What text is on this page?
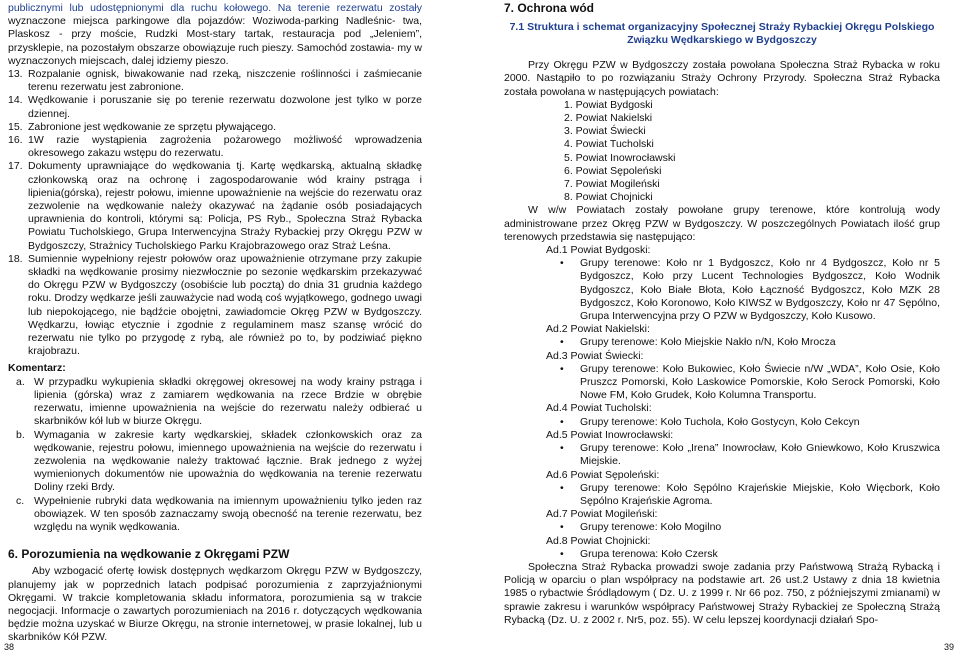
publicznymi lub udostępnionymi dla ruchu kołowego. Na terenie rezerwatu zostały wyznaczone miejsca parkingowe dla pojazdów: Woziwoda-parking Nadleśnic- twa, Plaskosz - przy moście, Rudzki Most-stary tartak, restauracja pod „Jeleniem”, przysklepie, na pozostałym obszarze obowiązuje ruch pieszy. Samochód zostawia- my w wyznaczonych miejscach, dalej idziemy pieszo.

13. Rozpalanie ognisk, biwakowanie nad rzeką, niszczenie roślinności i zaśmiecanie terenu rezerwatu jest zabronione.
14. Wędkowanie i poruszanie się po terenie rezerwatu dozwolone jest tylko w porze dziennej.
15. Zabronione jest wędkowanie ze sprzętu pływającego.
16. 1W razie wystąpienia zagrożenia pożarowego możliwość wprowadzenia okresowego zakazu wstępu do rezerwatu.
17. Dokumenty uprawniające do wędkowania tj. Kartę wędkarską, aktualną składkę członkowską oraz na ochronę i zagospodarowanie wód krainy pstrąga i lipienia(górska), rejestr połowu, imienne upoważnienie na wejście do rezerwatu oraz zezwolenie na wędkowanie należy okazywać na żądanie osób posiadających uprawnienia do kontroli, którymi są: Policja, PS Ryb., Społeczna Straż Rybacka Powiatu Tucholskiego, Grupa Interwencyjna Straży Rybackiej przy Okręgu PZW w Bydgoszczy, Strażnicy Tucholskiego Parku Krajobrazowego oraz Straż Leśna.
18. Sumiennie wypełniony rejestr połowów oraz upoważnienie otrzymane przy zakupie składki na wędkowanie prosimy niezwłocznie po sezonie wędkarskim przekazywać do Okręgu PZW w Bydgoszczy (osobiście lub pocztą) do dnia 31 grudnia każdego roku. Drodzy wędkarze jeśli zauważycie nad wodą coś wyjątkowego, godnego uwagi lub niepokojącego, nie bądźcie obojętni, zawiadomcie Okręg PZW w Bydgoszczy. Wędkarzu, łowiąc etycznie i zgodnie z regulaminem masz szansę wrócić do rezerwatu nie tylko po przygodę z rybą, ale również po to, by podziwiać piękno krajobrazu.
Komentarz:
a. W przypadku wykupienia składki okręgowej okresowej na wody krainy pstrąga i lipienia (górska) wraz z zamiarem wędkowania na rzece Brdzie w obrębie rezerwatu, imienne upoważnienia na wejście do rezerwatu należy odbierać u skarbników kół lub w biurze Okręgu.
b. Wymagania w zakresie karty wędkarskiej, składek członkowskich oraz za wędkowanie, rejestru połowu, imiennego upoważnienia na wejście do rezerwatu i zezwolenia na wędkowanie należy traktować łącznie. Brak jednego z wyżej wymienionych dokumentów nie upoważnia do wędkowania na terenie rezerwatu Doliny rzeki Brdy.
c. Wypełnienie rubryki data wędkowania na imiennym upoważnieniu tylko jeden raz obowiązek. W ten sposób zaznaczamy swoją obecność na terenie rezerwatu, bez względu na wynik wędkowania.
6. Porozumienia na wędkowanie z Okręgami PZW

Aby wzbogacić ofertę łowisk dostępnych wędkarzom Okręgu PZW w Bydgoszczy, planujemy jak w poprzednich latach podpisać porozumienia z zaprzyjaźnionymi Okręgami. W trakcie kompletowania składu informatora, porozumienia są w trakcie negocjacji. Informacje o zawartych porozumieniach na 2016 r. dotyczących wędkowania będzie można uzyskać w Biurze Okręgu, na stronie internetowej, w prasie lokalnej, lub u skarbników Kół PZW.

38
7. Ochrona wód
7.1 Struktura i schemat organizacyjny Społecznej Straży Rybackiej Okręgu Polskiego Związku Wędkarskiego w Bydgoszczy

Przy Okręgu PZW w Bydgoszczy została powołana Społeczna Straż Rybacka w roku 2000. Nastąpiło to po rozwiązaniu Straży Ochrony Przyrody. Społeczna Straż Rybacka została powołana w następujących powiatach:

1. Powiat Bydgoski
2. Powiat Nakielski
3. Powiat Świecki
4. Powiat Tucholski
5. Powiat Inowrocławski
6. Powiat Sępoleński
7. Powiat Mogileński
8. Powiat Chojnicki

W w/w Powiatach zostały powołane grupy terenowe, które kontrolują wody administrowane przez Okręg PZW w Bydgoszczy. W poszczególnych Powiatach ilość grup terenowych przedstawia się następująco:

Ad.1 Powiat Bydgoski:
•	Grupy terenowe: Koło nr 1 Bydgoszcz, Koło nr 4 Bydgoszcz, Koło nr 5 Bydgoszcz, Koło przy Lucent Technologies Bydgoszcz, Koło Wodnik Bydgoszcz, Koło Białe Błota, Koło Łączność Bydgoszcz, Koło MZK 28 Bydgoszcz, Koło Koronowo, Koło KIWSZ w Bydgoszczy, Koło nr 47 Sępólno, Grupa Interwencyjna przy O PZW w Bydgoszczy, Koło Kusowo.
Ad.2 Powiat Nakielski:
•	Grupy terenowe: Koło Miejskie Nakło n/N, Koło Mrocza
Ad.3 Powiat Świecki:
•	Grupy terenowe: Koło Bukowiec, Koło Świecie n/W „WDA”, Koło Osie, Koło Pruszcz Pomorski, Koło Laskowice Pomorskie, Koło Serock Pomorski, Koło Nowe FM, Koło Grudek, Koło Kolumna Transportu.
Ad.4 Powiat Tucholski:
•	Grupy terenowe: Koło Tuchola, Koło Gostycyn, Koło Cekcyn
Ad.5 Powiat Inowrocławski:
•	Grupy terenowe: Koło „Irena” Inowrocław, Koło Gniewkowo, Koło Kruszwica Miejskie.
Ad.6 Powiat Sępoleński:
•	Grupy terenowe: Koło Sępólno Krajeńskie Miejskie, Koło Więcbork, Koło Sępólno Krajeńskie Agroma.
Ad.7 Powiat Mogileński:
•	Grupy terenowe: Koło Mogilno
Ad.8 Powiat Chojnicki:
•	Grupa terenowa: Koło Czersk

Społeczna Straż Rybacka prowadzi swoje zadania przy Państwową Strażą Rybacką i Policją w oparciu o plan współpracy na podstawie art. 26 ust.2 Ustawy z dnia 18 kwietnia 1985 o rybactwie Śródlądowym ( Dz. U. z 1999 r. Nr 66 poz. 750, z późniejszymi zmianami) w sprawie zakresu i warunków współpracy Państwowej Straży Rybackiej ze Społeczną Strażą Rybacką (Dz. U. z 2002 r. Nr5, poz. 55). W celu lepszej koordynacji działań Spo-

39
